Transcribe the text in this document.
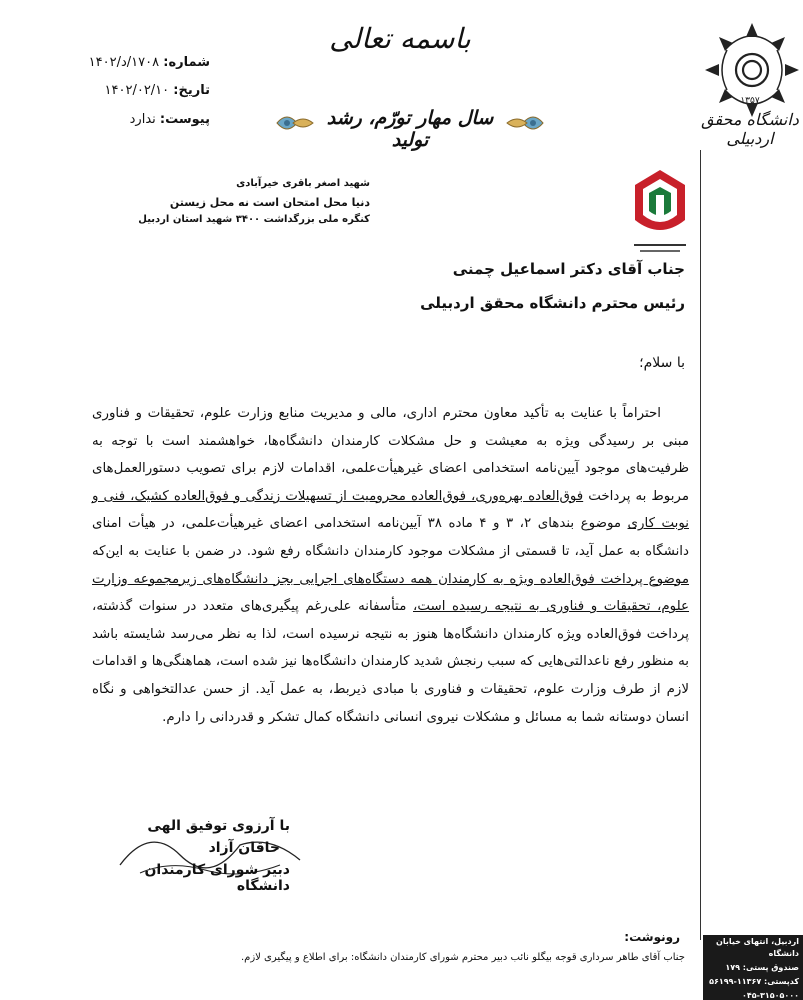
باسمه تعالی
۱۳۵۷
دانشگاه محقق اردبیلی
شماره: ۱۷۰۸/د/۱۴۰۲
تاریخ: ۱۴۰۲/۰۲/۱۰
پیوست: ندارد	سال مهار تورّم، رشد تولید
شهید اصغر باقری خیرآبادی
دنیا محل امتحان است نه محل زیستن
کنگره ملی بزرگداشت ۳۴۰۰ شهید استان اردبیل
جناب آقای دکتر اسماعیل چمنی
رئیس محترم دانشگاه محقق اردبیلی
با سلام؛
احتراماً با عنایت به تأکید معاون محترم اداری، مالی و مدیریت منابع وزارت علوم، تحقیقات و فناوری مبنی بر رسیدگی ویژه به معیشت و حل مشکلات کارمندان دانشگاه‌ها، خواهشمند است با توجه به ظرفیت‌های موجود آیین‌نامه استخدامی اعضای غیرهیأت‌علمی، اقدامات لازم برای تصویب دستورالعمل‌های مربوط به پرداخت فوق‌العاده بهره‌وری، فوق‌العاده محرومیت از تسهیلات زندگی و فوق‌العاده کشیک، فنی و نوبت کاری موضوع بندهای ۲، ۳ و ۴ ماده ۳۸ آیین‌نامه استخدامی اعضای غیرهیأت‌علمی، در هیأت امنای دانشگاه به عمل آید، تا قسمتی از مشکلات موجود کارمندان دانشگاه رفع شود. در ضمن با عنایت به این‌که موضوع پرداخت فوق‌العاده ویژه به کارمندان همه دستگاه‌های اجرایی بجز دانشگاه‌های زیرمجموعه وزارت علوم، تحقیقات و فناوری به نتیجه رسیده است، متأسفانه علی‌رغم پیگیری‌های متعدد در سنوات گذشته، پرداخت فوق‌العاده ویژه کارمندان دانشگاه‌ها هنوز به نتیجه نرسیده است، لذا به نظر می‌رسد شایسته باشد به منظور رفع ناعدالتی‌هایی که سبب رنجش شدید کارمندان دانشگاه‌ها نیز شده است، هماهنگی‌ها و اقدامات لازم از طرف وزارت علوم، تحقیقات و فناوری با مبادی ذیربط، به عمل آید. از حسن عدالتخواهی و نگاه انسان دوستانه شما به مسائل و مشکلات نیروی انسانی دانشگاه کمال تشکر و قدردانی را دارم.
با آرزوی توفیق الهی
خاقان آزاد
دبیر شورای کارمندان دانشگاه
رونوشت:
جناب آقای طاهر سرداری قوجه بیگلو نائب دبیر محترم شورای کارمندان دانشگاه: برای اطلاع و پیگیری لازم.
اردبیل، انتهای خیابان دانشگاه
صندوق پستی: ۱۷۹
کدپستی: ۱۱۳۶۷-۵۶۱۹۹
۰۴۵-۳۱۵۰۵۰۰۰
